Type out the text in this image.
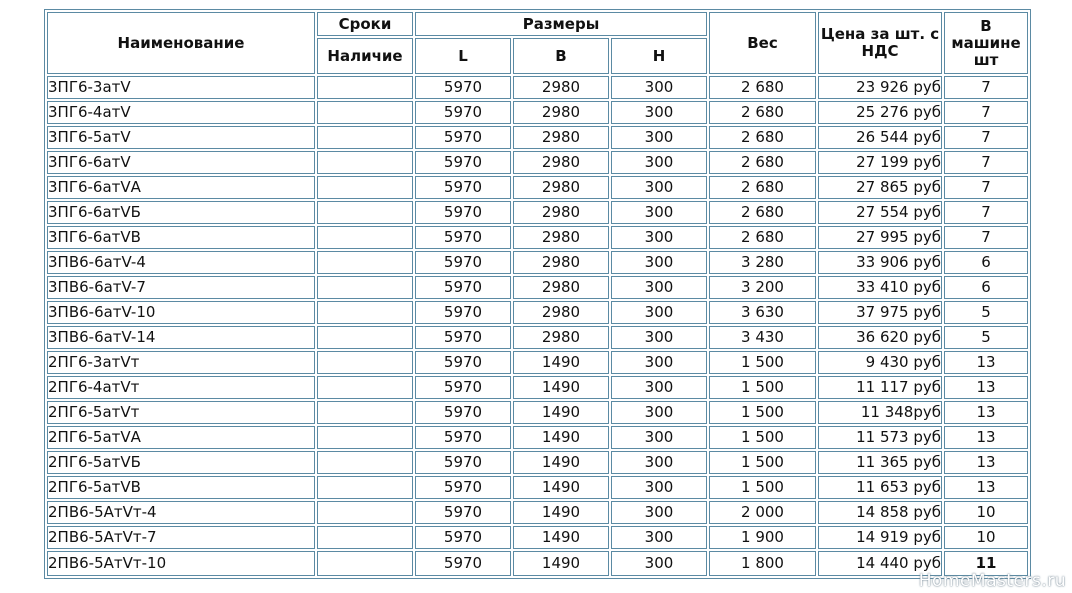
Наименование	Сроки	Размеры			Вес	Цена за шт. с НДС	В машине шт
	Наличие	L	B	H			
3ПГ6-3атV		5970	2980	300	2 680	23 926 руб	7
3ПГ6-4атV		5970	2980	300	2 680	25 276 руб	7
3ПГ6-5атV		5970	2980	300	2 680	26 544 руб	7
3ПГ6-6атV		5970	2980	300	2 680	27 199 руб	7
3ПГ6-6атVА		5970	2980	300	2 680	27 865 руб	7
3ПГ6-6атVБ		5970	2980	300	2 680	27 554 руб	7
3ПГ6-6атVВ		5970	2980	300	2 680	27 995 руб	7
3ПВ6-6атV-4		5970	2980	300	3 280	33 906 руб	6
3ПВ6-6атV-7		5970	2980	300	3 200	33 410 руб	6
3ПВ6-6атV-10		5970	2980	300	3 630	37 975 руб	5
3ПВ6-6атV-14		5970	2980	300	3 430	36 620 руб	5
2ПГ6-3атVт		5970	1490	300	1 500	9 430 руб	13
2ПГ6-4атVт		5970	1490	300	1 500	11 117 руб	13
2ПГ6-5атVт		5970	1490	300	1 500	11 348руб	13
2ПГ6-5атVА		5970	1490	300	1 500	11 573 руб	13
2ПГ6-5атVБ		5970	1490	300	1 500	11 365 руб	13
2ПГ6-5атVВ		5970	1490	300	1 500	11 653 руб	13
2ПВ6-5АтVт-4		5970	1490	300	2 000	14 858 руб	10
2ПВ6-5АтVт-7		5970	1490	300	1 900	14 919 руб	10
2ПВ6-5АтVт-10		5970	1490	300	1 800	14 440 руб	11
HomeMasters.ru
